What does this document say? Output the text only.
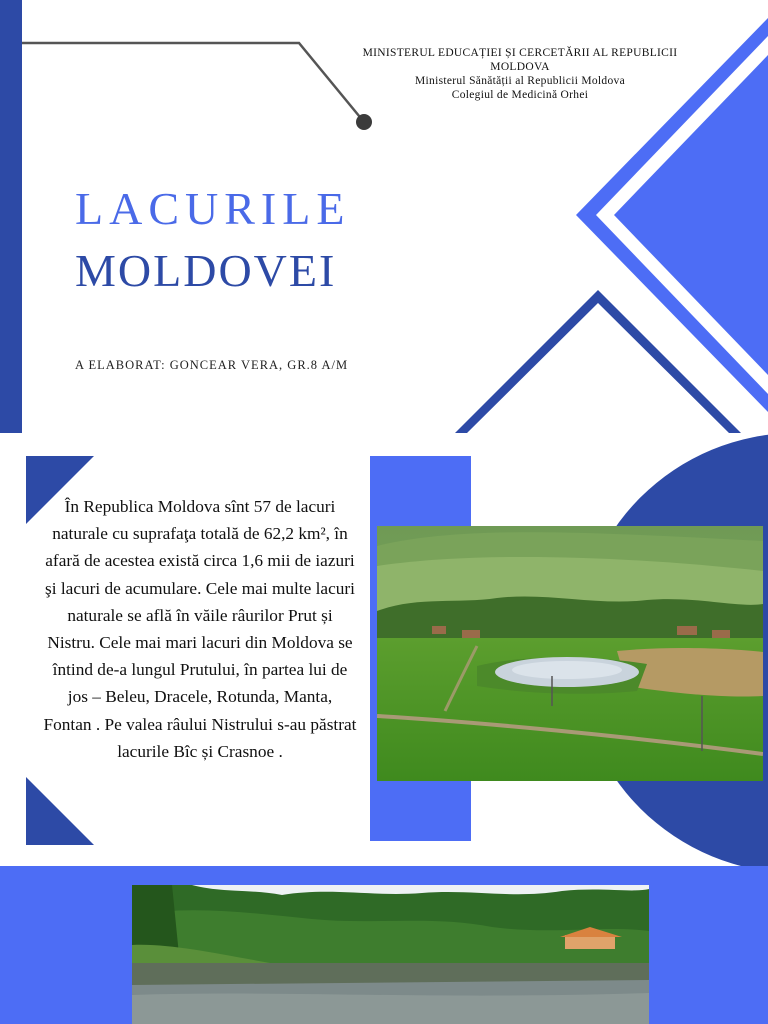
MINISTERUL EDUCAȚIEI ȘI CERCETĂRII AL REPUBLICII
MOLDOVA
Ministerul Sănătății al Republicii Moldova
Colegiul de Medicină Orhei
LACURILE
MOLDOVEI
A ELABORAT: GONCEAR VERA, GR.8 A/M
În Republica Moldova sînt 57 de lacuri naturale cu suprafaţa totală de 62,2 km², în afară de acestea există circa 1,6 mii de iazuri şi lacuri de acumulare. Cele mai multe lacuri naturale se află în văile râurilor Prut și Nistru. Cele mai mari lacuri din Moldova se întind de-a lungul Prutului, în partea lui de jos – Beleu, Dracele, Rotunda, Manta, Fontan . Pe valea râului Nistrului s-au păstrat lacurile Bîc și Crasnoe .
